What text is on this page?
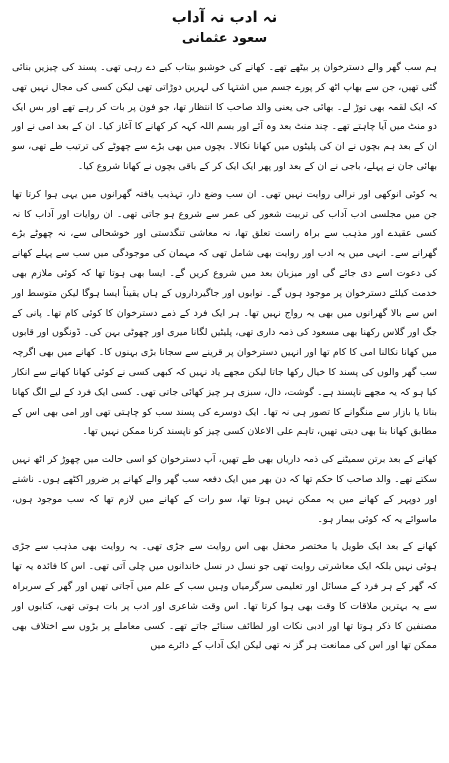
نہ ادب نہ آداب
سعود عثمانی

ہم سب گھر والے دسترخوان پر بیٹھے تھے۔ کھانے کی خوشبو بیتاب کیے دے رہی تھی۔ پسند کی چیزیں بنائی گئی تھیں، جن سے بھاپ اٹھ کر پورے جسم میں اشتہا کی لہریں دوڑاتی تھی لیکن کسی کی مجال نہیں تھی کہ ایک لقمہ بھی توڑ لے۔ بھائی جی یعنی والد صاحب کا انتظار تھا، جو فون پر بات کر رہے تھے اور بس ایک دو منٹ میں آیا چاہتے تھے۔ چند منٹ بعد وہ آئے اور بسم اللہ کہہ کر کھانے کا آغاز کیا۔ ان کے بعد امی نے اور ان کے بعد ہم بچوں نے ان کی پلیٹوں میں کھانا نکالا۔ بچوں میں بھی بڑے سے چھوٹے کی ترتیب طے تھی، سو بھائی جان نے پہلے، باجی نے ان کے بعد اور پھر ایک ایک کر کے باقی بچوں نے کھانا شروع کیا۔

یہ کوئی انوکھی اور نرالی روایت نہیں تھی۔ ان سب وضع دار، تہذیب یافتہ گھرانوں میں یہی ہوا کرتا تھا جن میں مجلسی ادب آداب کی تربیت شعور کی عمر سے شروع ہو جاتی تھی۔ ان روایات اور آداب کا نہ کسی عقیدے اور مذہب سے براہ راست تعلق تھا، نہ معاشی تنگدستی اور خوشحالی سے، نہ چھوٹے بڑے گھرانے سے۔ انہی میں یہ ادب اور روایت بھی شامل تھی کہ مہمان کی موجودگی میں سب سے پہلے کھانے کی دعوت اسے دی جائے گی اور میزبان بعد میں شروع کریں گے۔ ایسا بھی ہوتا تھا کہ کوئی ملازم بھی خدمت کیلئے دسترخوان پر موجود ہوں گے۔ نوابوں اور جاگیرداروں کے ہاں یقیناً ایسا ہوگا لیکن متوسط اور اس سے بالا گھرانوں میں بھی یہ رواج نہیں تھا۔ ہر ایک فرد کے ذمے دسترخوان کا کوئی کام تھا۔ پانی کے جگ اور گلاس رکھنا بھی مسعود کی ذمہ داری تھی، پلیٹیں لگانا میری اور چھوٹی بہن کی۔ ڈونگوں اور قابوں میں کھانا نکالنا امی کا کام تھا اور انہیں دسترخوان پر قرینے سے سجانا بڑی بہنوں کا۔ کھانے میں بھی اگرچہ سب گھر والوں کی پسند کا خیال رکھا جاتا لیکن مجھے یاد نہیں کہ کبھی کسی نے کوئی کھانا کھانے سے انکار کیا ہو کہ یہ مجھے ناپسند ہے۔ گوشت، دال، سبزی ہر چیز کھائی جاتی تھی۔ کسی ایک فرد کے لیے الگ کھانا بنانا یا بازار سے منگوانے کا تصور ہی نہ تھا۔ ایک دوسرے کی پسند سب کو چاہتی تھی اور امی بھی اس کے مطابق کھانا بنا بھی دیتی تھیں، تاہم علی الاعلان کسی چیز کو ناپسند کرنا ممکن نہیں تھا۔

کھانے کے بعد برتن سمیٹنے کی ذمہ داریاں بھی طے تھیں، آپ دسترخوان کو اسی حالت میں چھوڑ کر اٹھ نہیں سکتے تھے۔ والد صاحب کا حکم تھا کہ دن بھر میں ایک دفعہ سب گھر والے کھانے پر ضرور اکٹھے ہوں۔ ناشتے اور دوپہر کے کھانے میں یہ ممکن نہیں ہوتا تھا، سو رات کے کھانے میں لازم تھا کہ سب موجود ہوں، ماسوائے یہ کہ کوئی بیمار ہو۔

کھانے کے بعد ایک طویل یا مختصر محفل بھی اس روایت سے جڑی تھی۔ یہ روایت بھی مذہب سے جڑی ہوئی نہیں بلکہ ایک معاشرتی روایت تھی جو نسل در نسل خاندانوں میں چلی آتی تھی۔ اس کا فائدہ یہ تھا کہ گھر کے ہر فرد کے مسائل اور تعلیمی سرگرمیاں وہیں سب کے علم میں آجاتی تھیں اور گھر کے سربراہ سے یہ بہترین ملاقات کا وقت بھی ہوا کرتا تھا۔ اس وقت شاعری اور ادب پر بات ہوتی تھی، کتابوں اور مصنفین کا ذکر ہوتا تھا اور ادبی نکات اور لطائف سنائے جاتے تھے۔ کسی معاملے پر بڑوں سے اختلاف بھی ممکن تھا اور اس کی ممانعت ہر گز نہ تھی لیکن ایک آداب کے دائرے میں
